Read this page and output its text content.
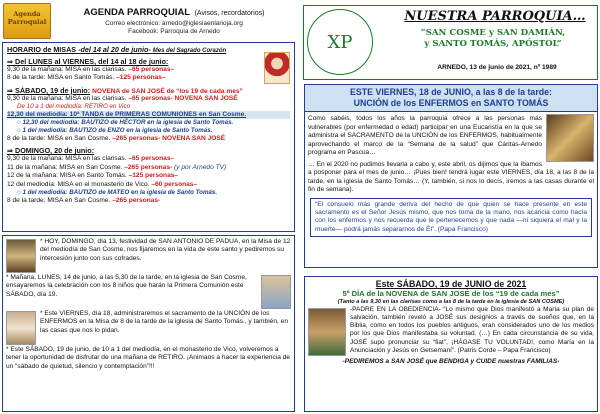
Agenda
Parroquial
AGENDA PARROQUIAL (Avisos, recordatorios)
Correo electrónico: arnedo@iglesiaenlarioja.org
Facebook: Parroquia de Arnedo
HORARIO de MISAS -del 14 al 20 de junio- Mes del Sagrado Corazón
⇒ Del LUNES al VIERNES, del 14 al 18 de junio:
9,30 de la mañana: MISA en las clarisas. –65 personas–
8 de la tarde: MISA en Santo Tomás. –125 personas–
⇒ SÁBADO, 19 de junio: NOVENA de SAN JOSÉ de “los 19 de cada mes”
9,30 de la mañana: MISA en las clarisas. –65 personas- NOVENA SAN JOSÉ
De 10 a 1 del mediodía: RETIRO en Vico
12,30 del mediodía: 10ª TANDA de PRIMERAS COMUNIONES en San Cosme.
○ 12,30 del mediodía: BAUTIZO de HÉCTOR en la iglesia de Santo Tomás.
○ 1 del mediodía: BAUTIZO de ENZO en la iglesia de Santo Tomás.
8 de la tarde: MISA en San Cosme. –265 personas- NOVENA SAN JOSÉ
⇒ DOMINGO, 20 de junio:
9,30 de la mañana: MISA en las clarisas. –65 personas–
11 de la mañana: MISA en San Cosme. –265 personas- (y por Arnedo TV)
12 de la mañana: MISA en Santo Tomás. –125 personas–
12 del mediodía: MISA en el monasterio de Vico. –60 personas–
○ 1 del mediodía: BAUTIZO de MATEO en la iglesia de Santo Tomás.
8 de la tarde: MISA en San Cosme. –265 personas-
* HOY, DOMINGO, día 13, festividad de SAN ANTONIO DE PADUA, en la Misa de 12 del mediodía de San Cosme, nos fijaremos en la vida de este santo y pediremos su intercesión junto con sus cofrades.
* Mañana, LUNES, 14 de junio, a las 5,30 de la tarde, en la iglesia de San Cosme, ensayaremos la celebración con los 8 niños que harán la Primera Comunión este SÁBADO, día 19.
* Este VIERNES, día 18, administraremos el sacramento de la UNCIÓN de los ENFERMOS en la Misa de 8 de la tarde de la iglesia de Santo Tomás., y también, en las casas que nos lo pidan.
* Este SÁBADO, 19 de junio, de 10 a 1 del mediodía, en el monasterio de Vico, volveremos a tener la oportunidad de disfrutar de una mañana de RETIRO. ¡Animaos a hacer la experiencia de un “sábado de quietud, silencio y contemplación”!!!
XP
NUESTRA PARROQUIA…
“SAN COSME y SAN DAMIÁN,
y SANTO TOMÁS, APÓSTOL”
ARNEDO, 13 de junio de 2021, nº 1989
ESTE VIERNES, 18 de JUNIO, a las 8 de la tarde:
UNCIÓN de los ENFERMOS en SANTO TOMÁS
Como sabéis, todos los años la parroquia ofrece a las personas más vulnerables (por enfermedad o edad) participar en una Eucaristía en la que se administra el SACRAMENTO de la UNCIÓN de los ENFERMOS, habitualmente aprovechando el marco de la “Semana de la salud” que Cáritas-Arnedo programa en Pascua…
… En el 2020 no pudimos llevarla a cabo y, este abril, os dijimos que la íbamos a posponer para el mes de junio… ¡Pues bien! tendrá lugar este VIERNES, día 18, a las 8 de la tarde, en la iglesia de Santo Tomás… (Y, también, si nos lo decís, iremos a las casas durante el fin de semana).
“El consuelo más grande deriva del hecho de que quien se hace presente en este sacramento es el Señor Jesús mismo, que nos toma de la mano, nos acaricia como hacía con los enfermos y nos recuerda que le pertenecemos y que nada —ni siquiera el mal y la muerte— podrá jamás separarnos de Él”. (Papa Francisco)
Este SÁBADO, 19 de JUNIO de 2021
5º DÍA de la NOVENA de SAN JOSÉ de los “19 de cada mes”
(Tanto a las 9,30 en las clarisas como a las 8 de la tarde en la iglesia de SAN COSME)
-PADRE EN LA OBEDIENCIA- “Lo mismo que Dios manifestó a María su plan de salvación, también reveló a JOSÉ sus designios a través de sueños que, en la Biblia, como en todos los pueblos antiguos, eran considerados uno de los medios por los que Dios manifestaba su voluntad. (…) En cada circunstancia de su vida, JOSÉ supo pronunciar su “fiat”, ¡HÁGASE TU VOLUNTAD!, como María en la Anunciación y Jesús en Getsemaní”. (Patris Corde – Papa Francisco)
-PEDIREMOS a SAN JOSÉ que BENDIGA y CUIDE nuestras FAMILIAS-
